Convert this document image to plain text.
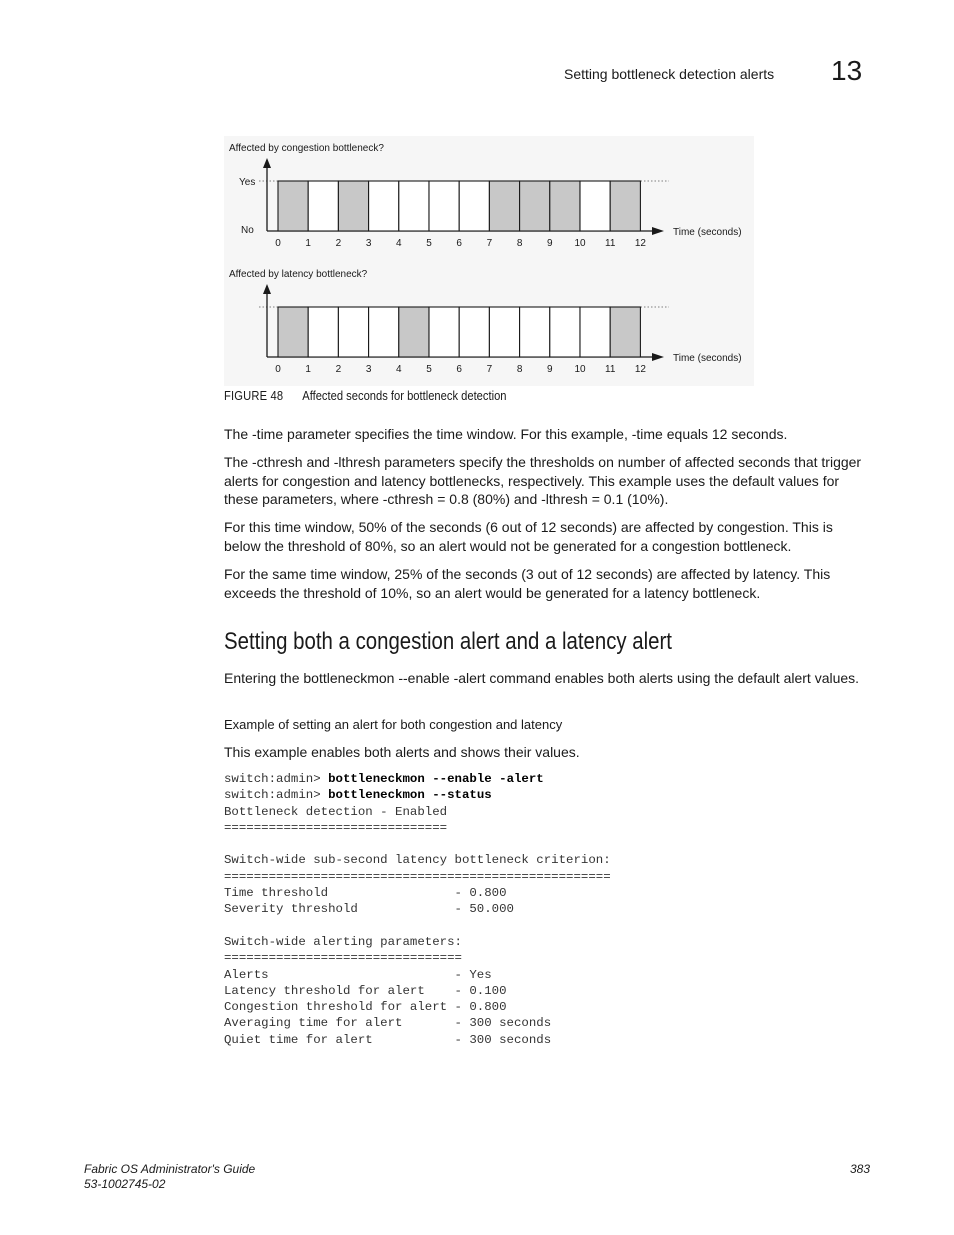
Setting bottleneck detection alerts 13
Affected by congestion bottleneck?
Yes
No	Time (seconds)
0 1 2 3 4 5 6 7 8 9 10 11 12
Affected by latency bottleneck?
Time (seconds)
0 1 2 3 4 5 6 7 8 9 10 11 12
FIGURE 48 Affected seconds for bottleneck detection

The -time parameter specifies the time window. For this example, -time equals 12 seconds.

The -cthresh and -lthresh parameters specify the thresholds on number of affected seconds that trigger alerts for congestion and latency bottlenecks, respectively. This example uses the default values for these parameters, where -cthresh = 0.8 (80%) and -lthresh = 0.1 (10%).

For this time window, 50% of the seconds (6 out of 12 seconds) are affected by congestion. This is below the threshold of 80%, so an alert would not be generated for a congestion bottleneck.

For the same time window, 25% of the seconds (3 out of 12 seconds) are affected by latency. This exceeds the threshold of 10%, so an alert would be generated for a latency bottleneck.

Setting both a congestion alert and a latency alert

Entering the bottleneckmon --enable -alert command enables both alerts using the default alert values.

Example of setting an alert for both congestion and latency

This example enables both alerts and shows their values.

switch:admin> bottleneckmon --enable -alert
switch:admin> bottleneckmon --status
Bottleneck detection - Enabled
==============================

Switch-wide sub-second latency bottleneck criterion:
====================================================
Time threshold                 - 0.800
Severity threshold             - 50.000

Switch-wide alerting parameters:
================================
Alerts                         - Yes
Latency threshold for alert    - 0.100
Congestion threshold for alert - 0.800
Averaging time for alert       - 300 seconds
Quiet time for alert           - 300 seconds
Fabric OS Administrator's Guide
53-1002745-02
383
